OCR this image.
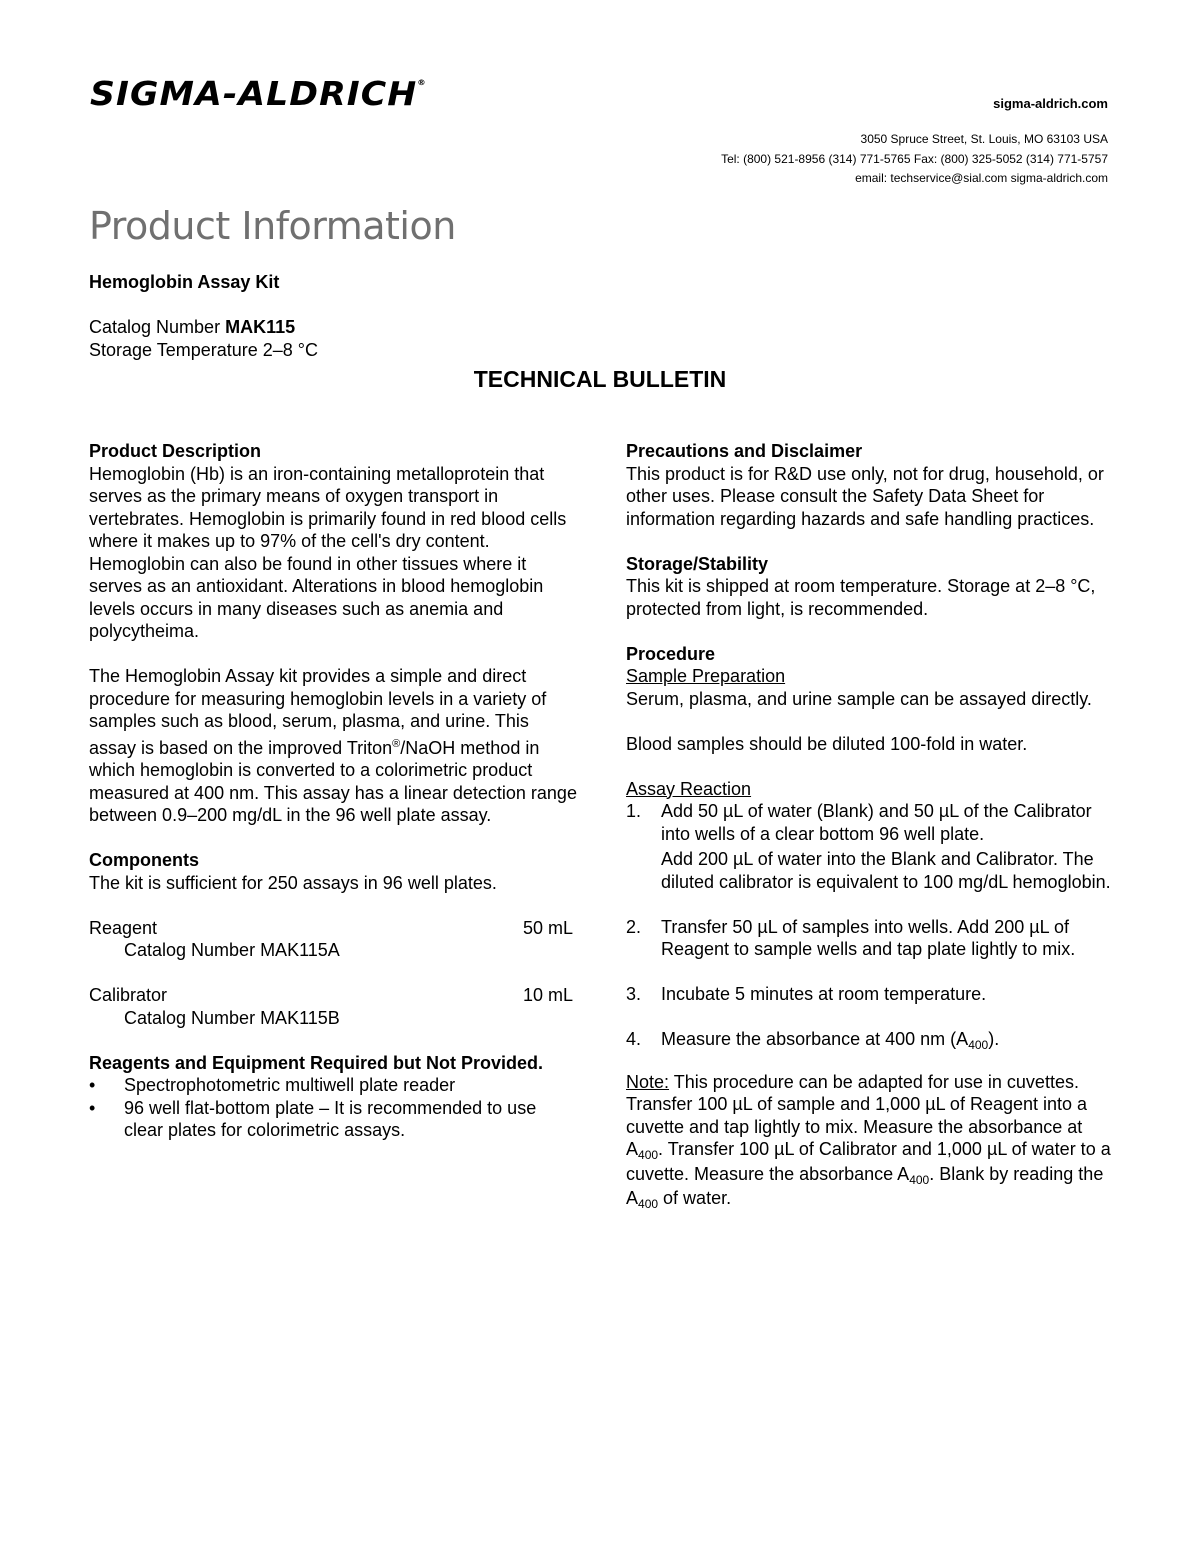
SIGMA-ALDRICH®
sigma-aldrich.com
3050 Spruce Street, St. Louis, MO 63103 USA
Tel: (800) 521-8956 (314) 771-5765 Fax: (800) 325-5052 (314) 771-5757
email: techservice@sial.com sigma-aldrich.com
Product Information
Hemoglobin Assay Kit
Catalog Number MAK115
Storage Temperature 2–8 °C
TECHNICAL BULLETIN

Product Description

Hemoglobin (Hb) is an iron-containing metalloprotein that serves as the primary means of oxygen transport in vertebrates. Hemoglobin is primarily found in red blood cells where it makes up to 97% of the cell's dry content. Hemoglobin can also be found in other tissues where it serves as an antioxidant. Alterations in blood hemoglobin levels occurs in many diseases such as anemia and polycytheima.

The Hemoglobin Assay kit provides a simple and direct procedure for measuring hemoglobin levels in a variety of samples such as blood, serum, plasma, and urine. This assay is based on the improved Triton®/NaOH method in which hemoglobin is converted to a colorimetric product measured at 400 nm. This assay has a linear detection range between 0.9–200 mg/dL in the 96 well plate assay.

Components

The kit is sufficient for 250 assays in 96 well plates.

Reagent	50 mL
Catalog Number MAK115A
Calibrator	10 mL
Catalog Number MAK115B

Reagents and Equipment Required but Not Provided.

• Spectrophotometric multiwell plate reader
• 96 well flat-bottom plate – It is recommended to use clear plates for colorimetric assays.

Precautions and Disclaimer

This product is for R&D use only, not for drug, household, or other uses. Please consult the Safety Data Sheet for information regarding hazards and safe handling practices.

Storage/Stability

This kit is shipped at room temperature. Storage at 2–8 °C, protected from light, is recommended.

Procedure

Sample Preparation

Serum, plasma, and urine sample can be assayed directly.

Blood samples should be diluted 100-fold in water.

Assay Reaction

1. Add 50 µL of water (Blank) and 50 µL of the Calibrator into wells of a clear bottom 96 well plate.
Add 200 µL of water into the Blank and Calibrator. The diluted calibrator is equivalent to 100 mg/dL hemoglobin.
2. Transfer 50 µL of samples into wells. Add 200 µL of Reagent to sample wells and tap plate lightly to mix.
3. Incubate 5 minutes at room temperature.
4. Measure the absorbance at 400 nm $(A_{400})$.

Note: This procedure can be adapted for use in cuvettes. Transfer 100 µL of sample and 1,000 µL of Reagent into a cuvette and tap lightly to mix. Measure the absorbance at $A_{400}$. Transfer 100 µL of Calibrator and 1,000 µL of water to a cuvette. Measure the absorbance $A_{400}$. Blank by reading the $A_{400}$ of water.
